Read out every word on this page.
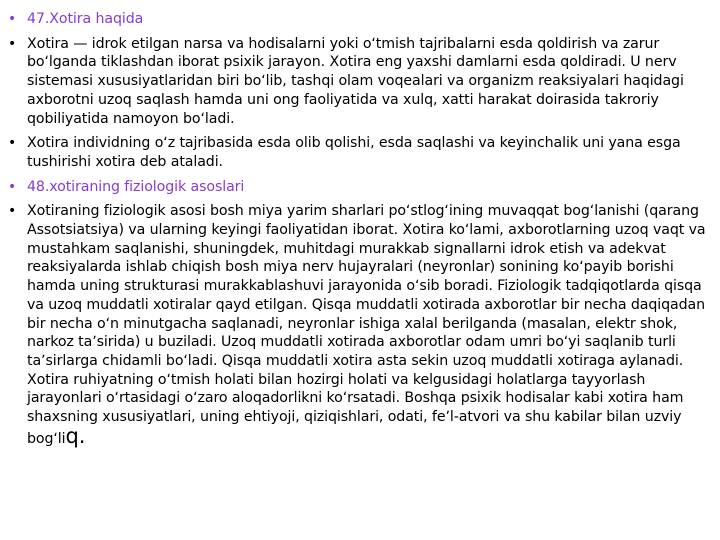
• 47.Xotira haqida
• Xotira — idrok etilgan narsa va hodisalarni yoki oʻtmish tajribalarni esda qoldirish va zarur boʻlganda tiklashdan iborat psixik jarayon. Xotira eng yaxshi damlarni esda qoldiradi. U nerv sistemasi xususiyatlaridan biri boʻlib, tashqi olam voqealari va organizm reaksiyalari haqidagi axborotni uzoq saqlash hamda uni ong faoliyatida va xulq, xatti harakat doirasida takroriy qobiliyatida namoyon boʻladi.
• Xotira individning oʻz tajribasida esda olib qolishi, esda saqlashi va keyinchalik uni yana esga tushirishi xotira deb ataladi.
• 48.xotiraning fiziologik asoslari
• Xotiraning fiziologik asosi bosh miya yarim sharlari poʻstlogʻining muvaqqat bogʻlanishi (qarang Assotsiatsiya) va ularning keyingi faoliyatidan iborat. Xotira koʻlami, axborotlarning uzoq vaqt va mustahkam saqlanishi, shuningdek, muhitdagi murakkab signallarni idrok etish va adekvat reaksiyalarda ishlab chiqish bosh miya nerv hujayralari (neyronlar) sonining koʻpayib borishi hamda uning strukturasi murakkablashuvi jarayonida oʻsib boradi. Fiziologik tadqiqotlarda qisqa va uzoq muddatli xotiralar qayd etilgan. Qisqa muddatli xotirada axborotlar bir necha daqiqadan bir necha oʻn minutgacha saqlanadi, neyronlar ishiga xalal berilganda (masalan, elektr shok, narkoz taʼsirida) u buziladi. Uzoq muddatli xotirada axborotlar odam umri boʻyi saqlanib turli taʼsirlarga chidamli boʻladi. Qisqa muddatli xotira asta sekin uzoq muddatli xotiraga aylanadi. Xotira ruhiyatning oʻtmish holati bilan hozirgi holati va kelgusidagi holatlarga tayyorlash jarayonlari oʻrtasidagi oʻzaro aloqadorlikni koʻrsatadi. Boshqa psixik hodisalar kabi xotira ham shaxsning xususiyatlari, uning ehtiyoji, qiziqishlari, odati, feʼl-atvori va shu kabilar bilan uzviy bogʻliq.
